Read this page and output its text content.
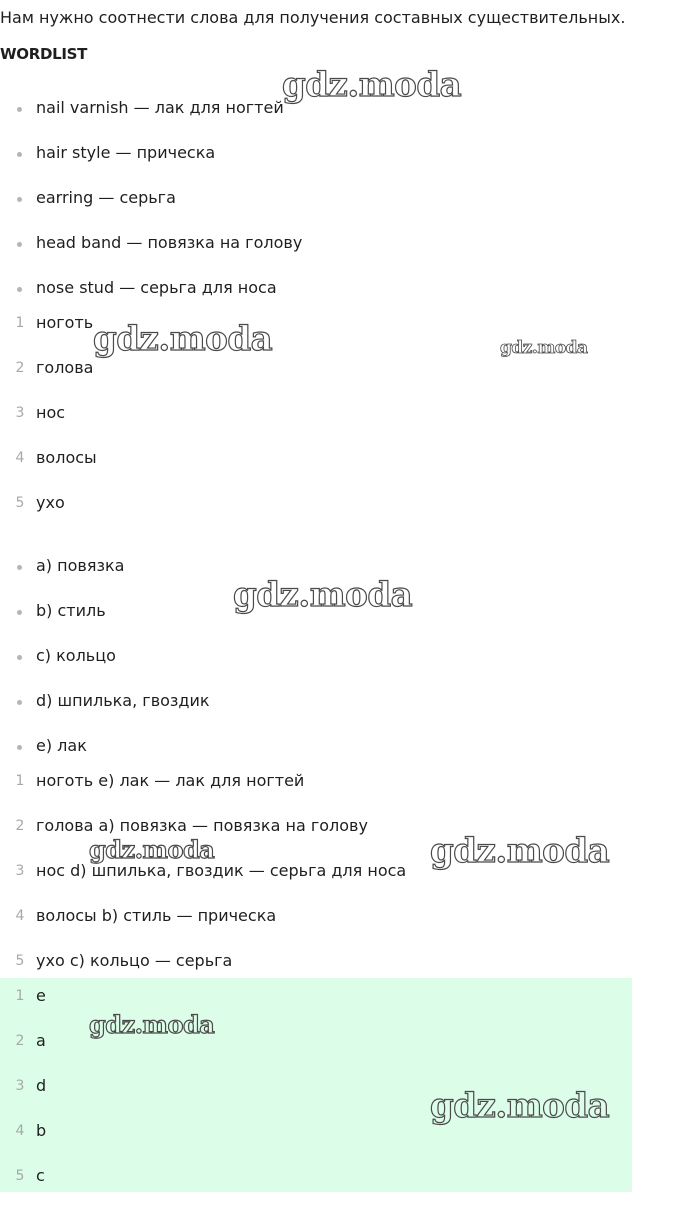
Нам нужно соотнести слова для получения составных существительных.
WORDLIST
nail varnish — лак для ногтей
hair style — прическа
earring — серьга
head band — повязка на голову
nose stud — серьга для носа
1 ноготь
2 голова
3 нос
4 волосы
5 ухо
a) повязка
b) стиль
c) кольцо
d) шпилька, гвоздик
e) лак
1 ноготь e) лак — лак для ногтей
2 голова a) повязка — повязка на голову
3 нос d) шпилька, гвоздик — серьга для носа
4 волосы b) стиль — прическа
5 ухо c) кольцо — серьга
1 e
2 a
3 d
4 b
5 c
gdz.moda
gdz.moda	gdz.moda
gdz.moda
gdz.moda	gdz.moda
gdz.moda
gdz.moda
